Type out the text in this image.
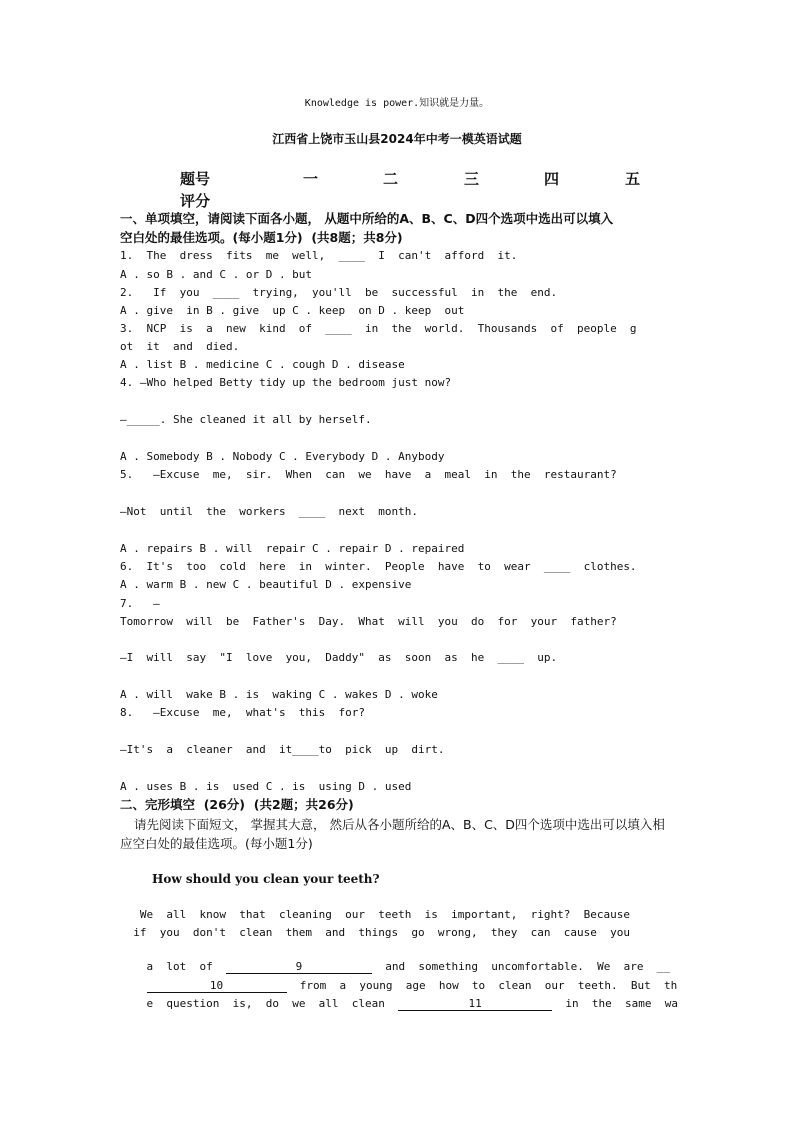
Knowledge is power.知识就是力量。
江西省上饶市玉山县2024年中考一模英语试题
题号	一	二	三	四	五
评分
一、单项填空，请阅读下面各小题， 从题中所给的A、B、C、D四个选项中选出可以填入
空白处的最佳选项。(每小题1分)  (共8题；共8分)
1.  The  dress  fits  me  well,  ____  I  can't  afford  it.
A . so B . and C . or D . but
2.   If  you  ____  trying,  you'll  be  successful  in  the  end.
A . give  in B . give  up C . keep  on D . keep  out
3.  NCP  is  a  new  kind  of  ____  in  the  world.  Thousands  of  people  g
ot  it  and  died.
A . list B . medicine C . cough D . disease
4. —Who helped Betty tidy up the bedroom just now?
—_____. She cleaned it all by herself.
A . Somebody B . Nobody C . Everybody D . Anybody
5.   —Excuse  me,  sir.  When  can  we  have  a  meal  in  the  restaurant?
—Not  until  the  workers  ____  next  month.
A . repairs B . will  repair C . repair D . repaired
6.  It's  too  cold  here  in  winter.  People  have  to  wear  ____  clothes.
A . warm B . new C . beautiful D . expensive
7.   —
Tomorrow  will  be  Father's  Day.  What  will  you  do  for  your  father?
—I  will  say  "I  love  you,  Daddy"  as  soon  as  he  ____  up.
A . will  wake B . is  waking C . wakes D . woke
8.   —Excuse  me,  what's  this  for?
—It's  a  cleaner  and  it____to  pick  up  dirt.
A . uses B . is  used C . is  using D . used
二、完形填空  (26分)  (共2题；共26分)
请先阅读下面短文， 掌握其大意， 然后从各小题所给的A、B、C、D四个选项中选出可以填入相应空白处的最佳选项。(每小题1分)
How should you clean your teeth?
We  all  know  that  cleaning  our  teeth  is  important,  right?  Because
if  you  don't  clean  them  and  things  go  wrong,  they  can  cause  you

a  lot  of	9	and  something  uncomfortable.  We  are  __

10	from  a  young  age  how  to  clean  our  teeth.  But  th

e  question  is,  do  we  all  clean	11	in  the  same  wa
